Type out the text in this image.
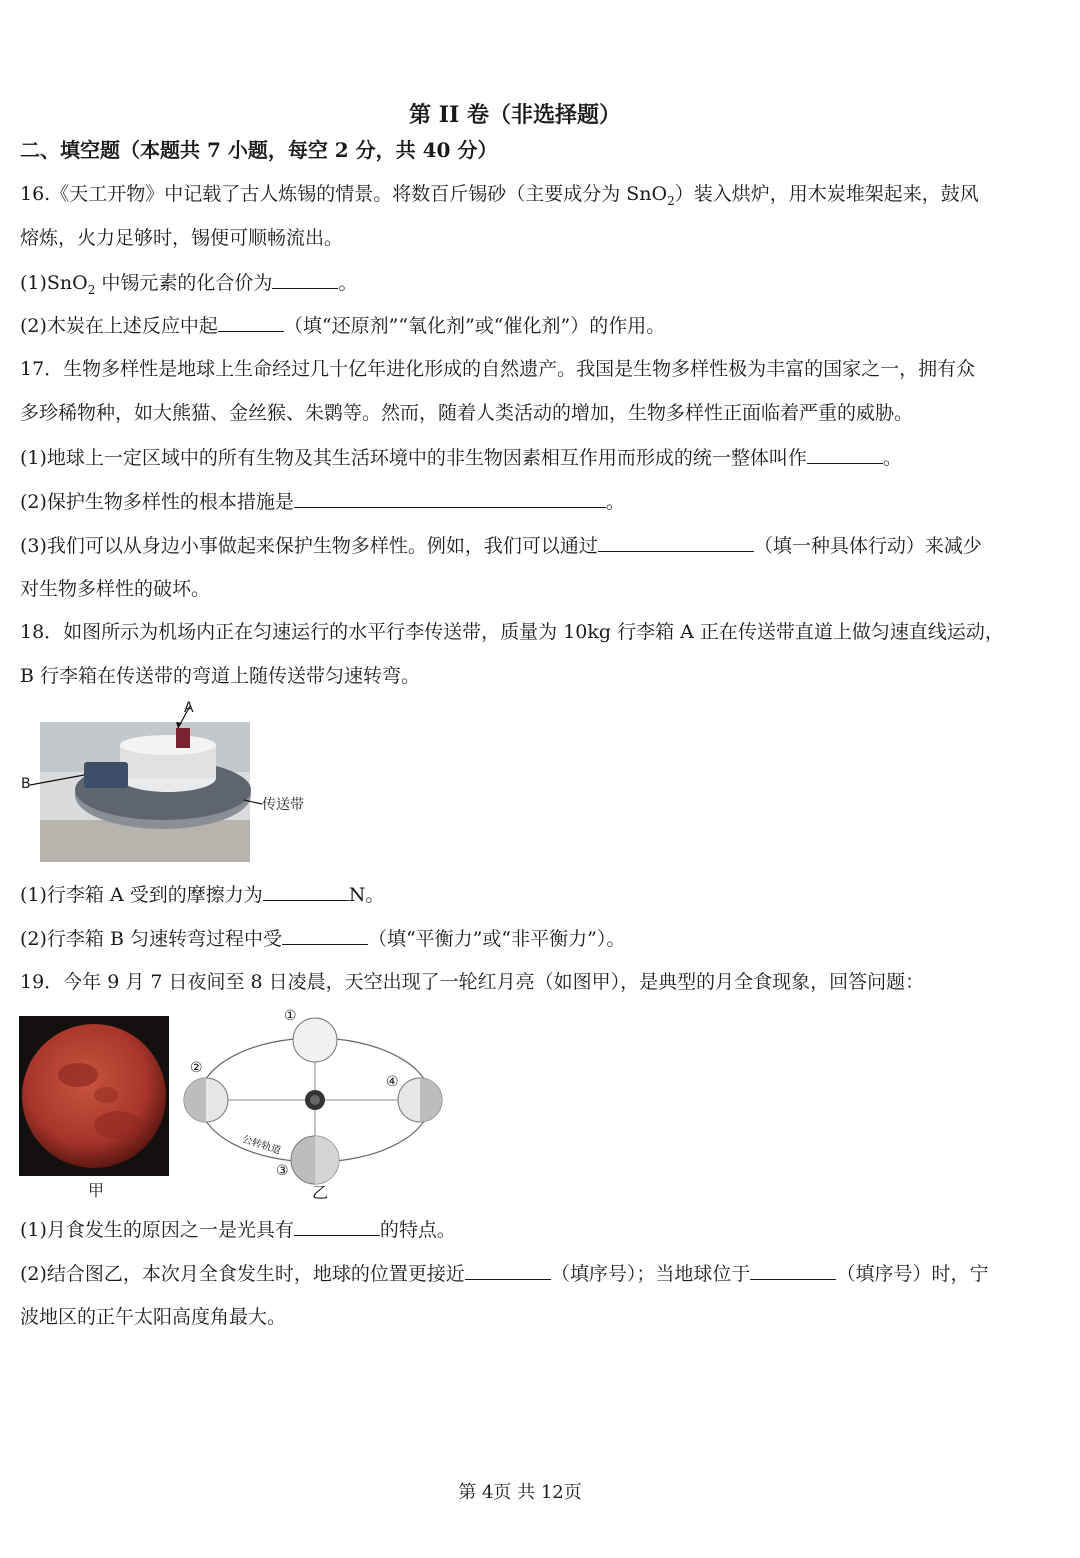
第 II 卷（非选择题）
二、填空题（本题共 7 小题，每空 2 分，共 40 分）
16.《天工开物》中记载了古人炼锡的情景。将数百斤锡砂（主要成分为 SnO$_2$）装入烘炉，用木炭堆架起来，鼓风
熔炼，火力足够时，锡便可顺畅流出。
(1)SnO$_2$ 中锡元素的化合价为	。
(2)木炭在上述反应中起	（填“还原剂”“氧化剂”或“催化剂”）的作用。
17．生物多样性是地球上生命经过几十亿年进化形成的自然遗产。我国是生物多样性极为丰富的国家之一，拥有众
多珍稀物种，如大熊猫、金丝猴、朱鹮等。然而，随着人类活动的增加，生物多样性正面临着严重的威胁。
(1)地球上一定区域中的所有生物及其生活环境中的非生物因素相互作用而形成的统一整体叫作	。
(2)保护生物多样性的根本措施是	。
(3)我们可以从身边小事做起来保护生物多样性。例如，我们可以通过	（填一种具体行动）来减少
对生物多样性的破坏。
18．如图所示为机场内正在匀速运行的水平行李传送带，质量为 10kg 行李箱 A 正在传送带直道上做匀速直线运动，
B 行李箱在传送带的弯道上随传送带匀速转弯。
A
B
传送带
(1)行李箱 A 受到的摩擦力为	N。
(2)行李箱 B 匀速转弯过程中受	（填“平衡力”或“非平衡力”）。
19．今年 9 月 7 日夜间至 8 日凌晨，天空出现了一轮红月亮（如图甲），是典型的月全食现象，回答问题：
甲
①
②
③
④
公转轨道
乙
(1)月食发生的原因之一是光具有	的特点。
(2)结合图乙，本次月全食发生时，地球的位置更接近	（填序号）；当地球位于	（填序号）时，宁
波地区的正午太阳高度角最大。
第 4页 共 12页
